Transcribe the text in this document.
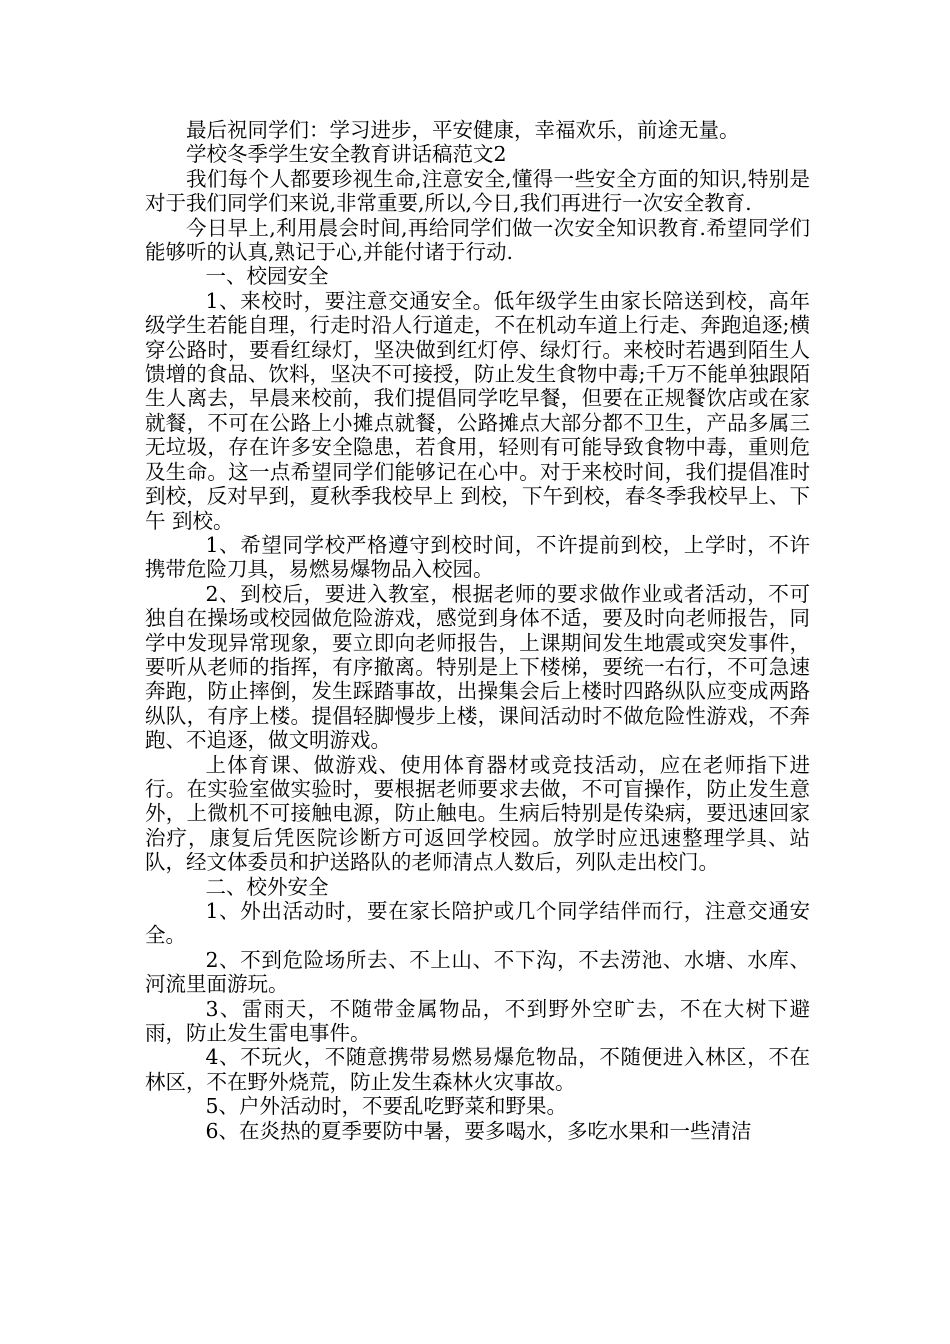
最后祝同学们：学习进步，平安健康，幸福欢乐，前途无量。

学校冬季学生安全教育讲话稿范文2

我们每个人都要珍视生命,注意安全,懂得一些安全方面的知识,特别是对于我们同学们来说,非常重要,所以,今日,我们再进行一次安全教育.

今日早上,利用晨会时间,再给同学们做一次安全知识教育.希望同学们能够听的认真,熟记于心,并能付诸于行动.

一、校园安全

1、来校时，要注意交通安全。低年级学生由家长陪送到校，高年级学生若能自理，行走时沿人行道走，不在机动车道上行走、奔跑追逐;横穿公路时，要看红绿灯，坚决做到红灯停、绿灯行。来校时若遇到陌生人馈增的食品、饮料，坚决不可接授，防止发生食物中毒;千万不能单独跟陌生人离去，早晨来校前，我们提倡同学吃早餐，但要在正规餐饮店或在家就餐，不可在公路上小摊点就餐，公路摊点大部分都不卫生，产品多属三无垃圾，存在许多安全隐患，若食用，轻则有可能导致食物中毒，重则危及生命。这一点希望同学们能够记在心中。对于来校时间，我们提倡准时到校，反对早到，夏秋季我校早上 到校，下午到校，春冬季我校早上、下午 到校。

1、希望同学校严格遵守到校时间，不许提前到校，上学时，不许携带危险刀具，易燃易爆物品入校园。

2、到校后，要进入教室，根据老师的要求做作业或者活动，不可独自在操场或校园做危险游戏，感觉到身体不适，要及时向老师报告，同学中发现异常现象，要立即向老师报告，上课期间发生地震或突发事件，要听从老师的指挥，有序撤离。特别是上下楼梯，要统一右行，不可急速奔跑，防止摔倒，发生踩踏事故，出操集会后上楼时四路纵队应变成两路纵队，有序上楼。提倡轻脚慢步上楼，课间活动时不做危险性游戏，不奔跑、不追逐，做文明游戏。

上体育课、做游戏、使用体育器材或竞技活动，应在老师指下进行。在实验室做实验时，要根据老师要求去做，不可盲操作，防止发生意外，上微机不可接触电源，防止触电。生病后特别是传染病，要迅速回家治疗，康复后凭医院诊断方可返回学校园。放学时应迅速整理学具、站队，经文体委员和护送路队的老师清点人数后，列队走出校门。

二、校外安全

1、外出活动时，要在家长陪护或几个同学结伴而行，注意交通安全。

2、不到危险场所去、不上山、不下沟，不去涝池、水塘、水库、河流里面游玩。

3、雷雨天，不随带金属物品，不到野外空旷去，不在大树下避雨，防止发生雷电事件。

4、不玩火，不随意携带易燃易爆危物品，不随便进入林区，不在林区，不在野外烧荒，防止发生森林火灾事故。

5、户外活动时，不要乱吃野菜和野果。

6、在炎热的夏季要防中暑，要多喝水，多吃水果和一些清洁
